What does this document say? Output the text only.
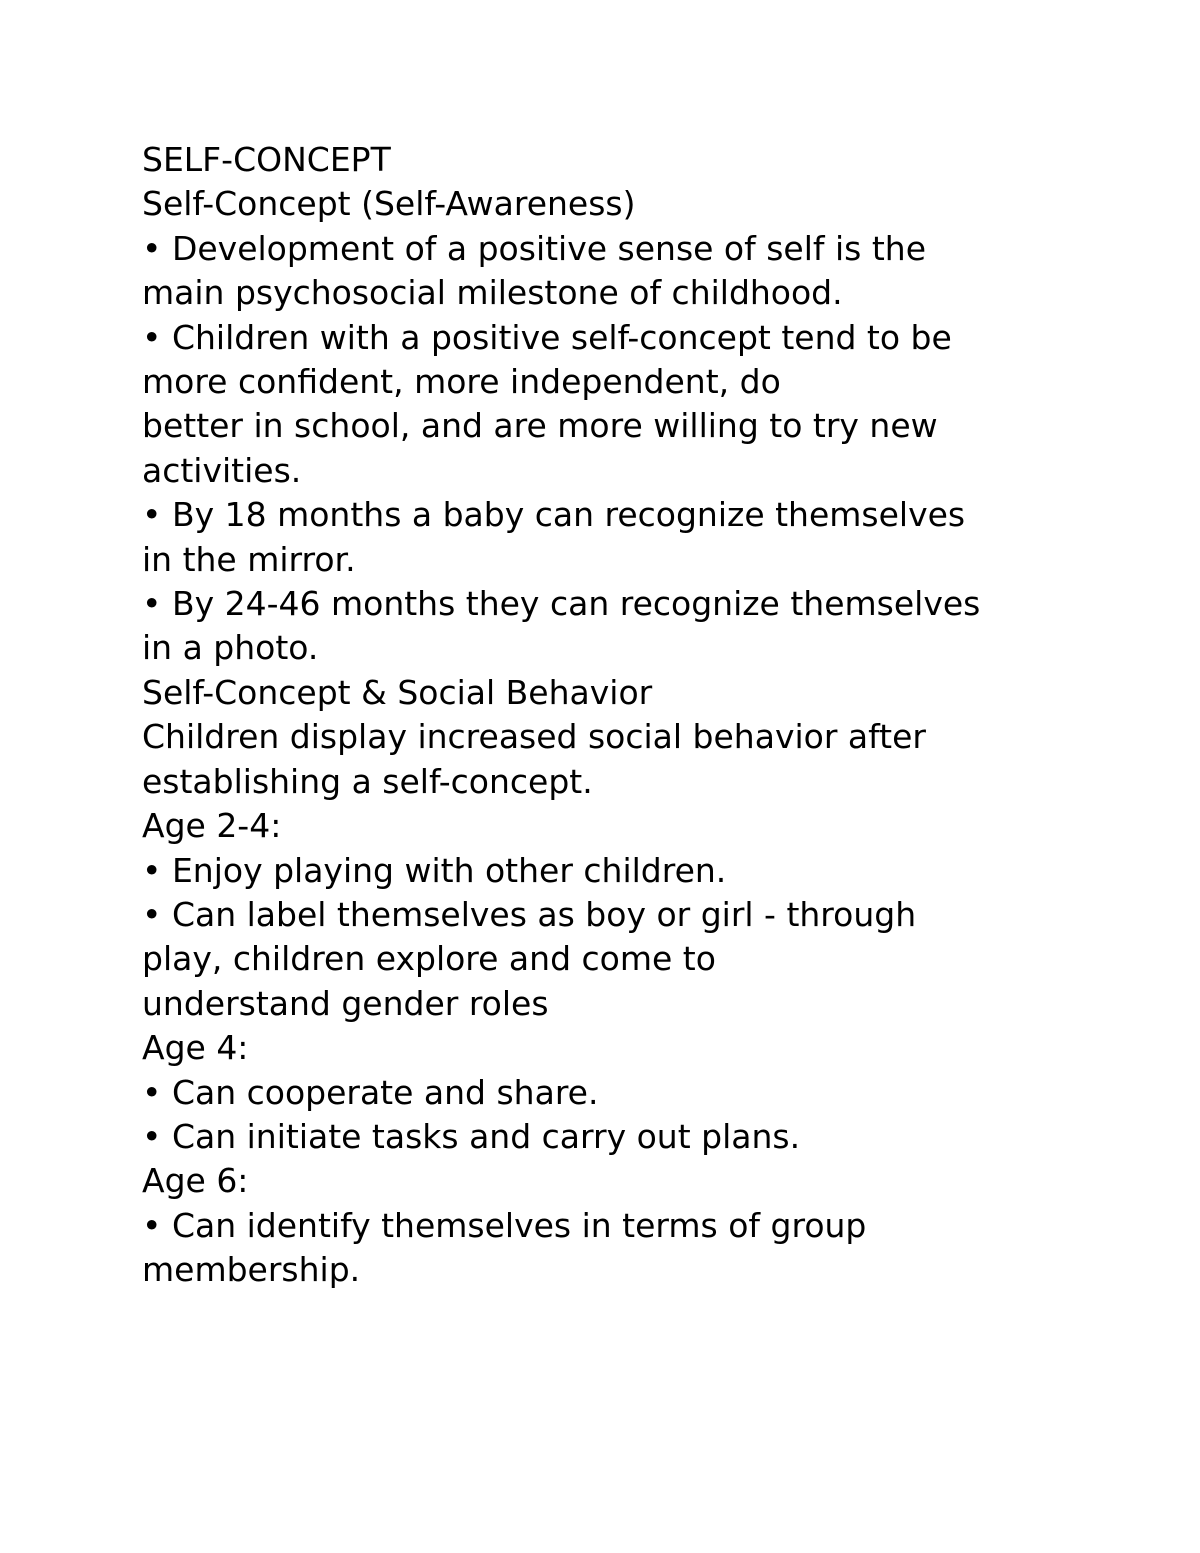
SELF-CONCEPT
Self-Concept (Self-Awareness)
• Development of a positive sense of self is the
main psychosocial milestone of childhood.
• Children with a positive self-concept tend to be
more confident, more independent, do
better in school, and are more willing to try new
activities.
• By 18 months a baby can recognize themselves
in the mirror.
• By 24-46 months they can recognize themselves
in a photo.
Self-Concept & Social Behavior
Children display increased social behavior after
establishing a self-concept.
Age 2-4:
• Enjoy playing with other children.
• Can label themselves as boy or girl - through
play, children explore and come to
understand gender roles
Age 4:
• Can cooperate and share.
• Can initiate tasks and carry out plans.
Age 6:
• Can identify themselves in terms of group
membership.
